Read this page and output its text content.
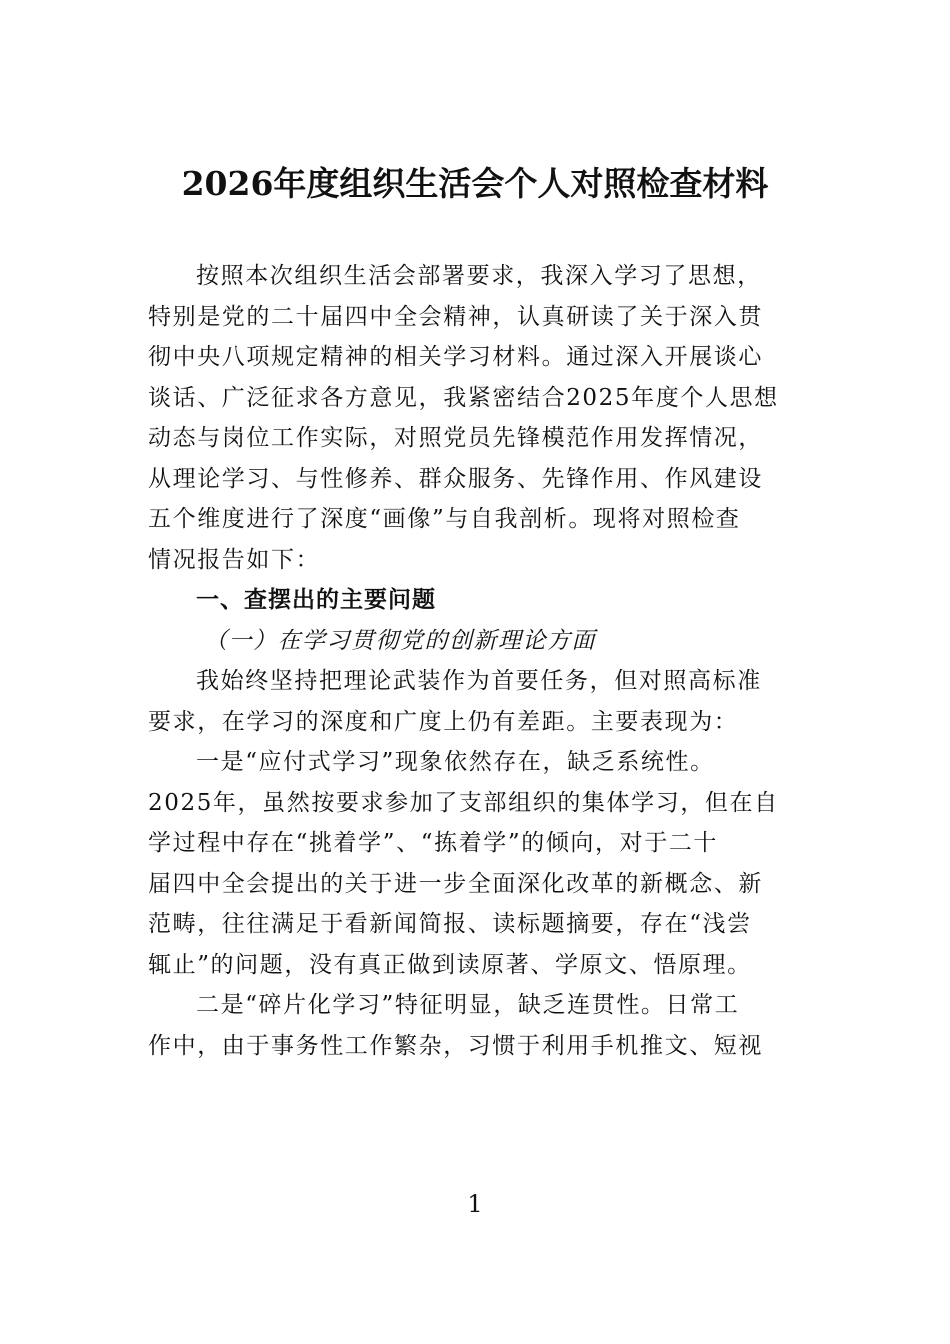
2026年度组织生活会个人对照检查材料
按照本次组织生活会部署要求，我深入学习了思想，
特别是党的二十届四中全会精神，认真研读了关于深入贯
彻中央八项规定精神的相关学习材料。通过深入开展谈心
谈话、广泛征求各方意见，我紧密结合2025年度个人思想
动态与岗位工作实际，对照党员先锋模范作用发挥情况，
从理论学习、与性修养、群众服务、先锋作用、作风建设
五个维度进行了深度“画像”与自我剖析。现将对照检查
情况报告如下：
一、查摆出的主要问题
（一）在学习贯彻党的创新理论方面
我始终坚持把理论武装作为首要任务，但对照高标准
要求，在学习的深度和广度上仍有差距。主要表现为：
一是“应付式学习”现象依然存在，缺乏系统性。
2025年，虽然按要求参加了支部组织的集体学习，但在自
学过程中存在“挑着学”、“拣着学”的倾向，对于二十
届四中全会提出的关于进一步全面深化改革的新概念、新
范畴，往往满足于看新闻简报、读标题摘要，存在“浅尝
辄止”的问题，没有真正做到读原著、学原文、悟原理。
二是“碎片化学习”特征明显，缺乏连贯性。日常工
作中，由于事务性工作繁杂，习惯于利用手机推文、短视
1
